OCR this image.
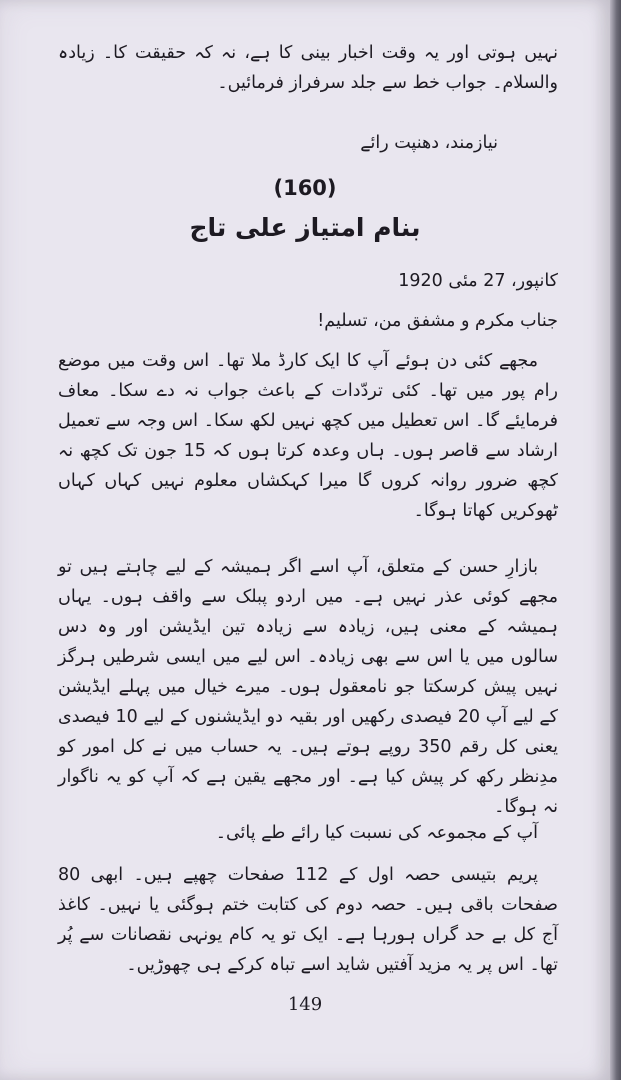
نہیں ہوتی اور یہ وقت اخبار بینی کا ہے، نہ کہ حقیقت کا۔ زیادہ والسلام۔ جواب خط سے جلد سرفراز فرمائیں۔

نیازمند، دھنپت رائے

(160)

بنام امتیاز علی تاج

کانپور، 27 مئی 1920

جناب مکرم و مشفق من، تسلیم!

مجھے کئی دن ہوئے آپ کا ایک کارڈ ملا تھا۔ اس وقت میں موضع رام پور میں تھا۔ کئی تردّدات کے باعث جواب نہ دے سکا۔ معاف فرمایئے گا۔ اس تعطیل میں کچھ نہیں لکھ سکا۔ اس وجہ سے تعمیل ارشاد سے قاصر ہوں۔ ہاں وعدہ کرتا ہوں کہ 15 جون تک کچھ نہ کچھ ضرور روانہ کروں گا میرا کہکشاں معلوم نہیں کہاں کہاں ٹھوکریں کھاتا ہوگا۔

بازارِ حسن کے متعلق، آپ اسے اگر ہمیشہ کے لیے چاہتے ہیں تو مجھے کوئی عذر نہیں ہے۔ میں اردو پبلک سے واقف ہوں۔ یہاں ہمیشہ کے معنی ہیں، زیادہ سے زیادہ تین ایڈیشن اور وہ دس سالوں میں یا اس سے بھی زیادہ۔ اس لیے میں ایسی شرطیں ہرگز نہیں پیش کرسکتا جو نامعقول ہوں۔ میرے خیال میں پہلے ایڈیشن کے لیے آپ 20 فیصدی رکھیں اور بقیہ دو ایڈیشنوں کے لیے 10 فیصدی یعنی کل رقم 350 روپے ہوتے ہیں۔ یہ حساب میں نے کل امور کو مدِنظر رکھ کر پیش کیا ہے۔ اور مجھے یقین ہے کہ آپ کو یہ ناگوار نہ ہوگا۔

آپ کے مجموعہ کی نسبت کیا رائے طے پائی۔

پریم بتیسی حصہ اول کے 112 صفحات چھپے ہیں۔ ابھی 80 صفحات باقی ہیں۔ حصہ دوم کی کتابت ختم ہوگئی یا نہیں۔ کاغذ آج کل بے حد گراں ہورہا ہے۔ ایک تو یہ کام یونہی نقصانات سے پُر تھا۔ اس پر یہ مزید آفتیں شاید اسے تباہ کرکے ہی چھوڑیں۔

149
